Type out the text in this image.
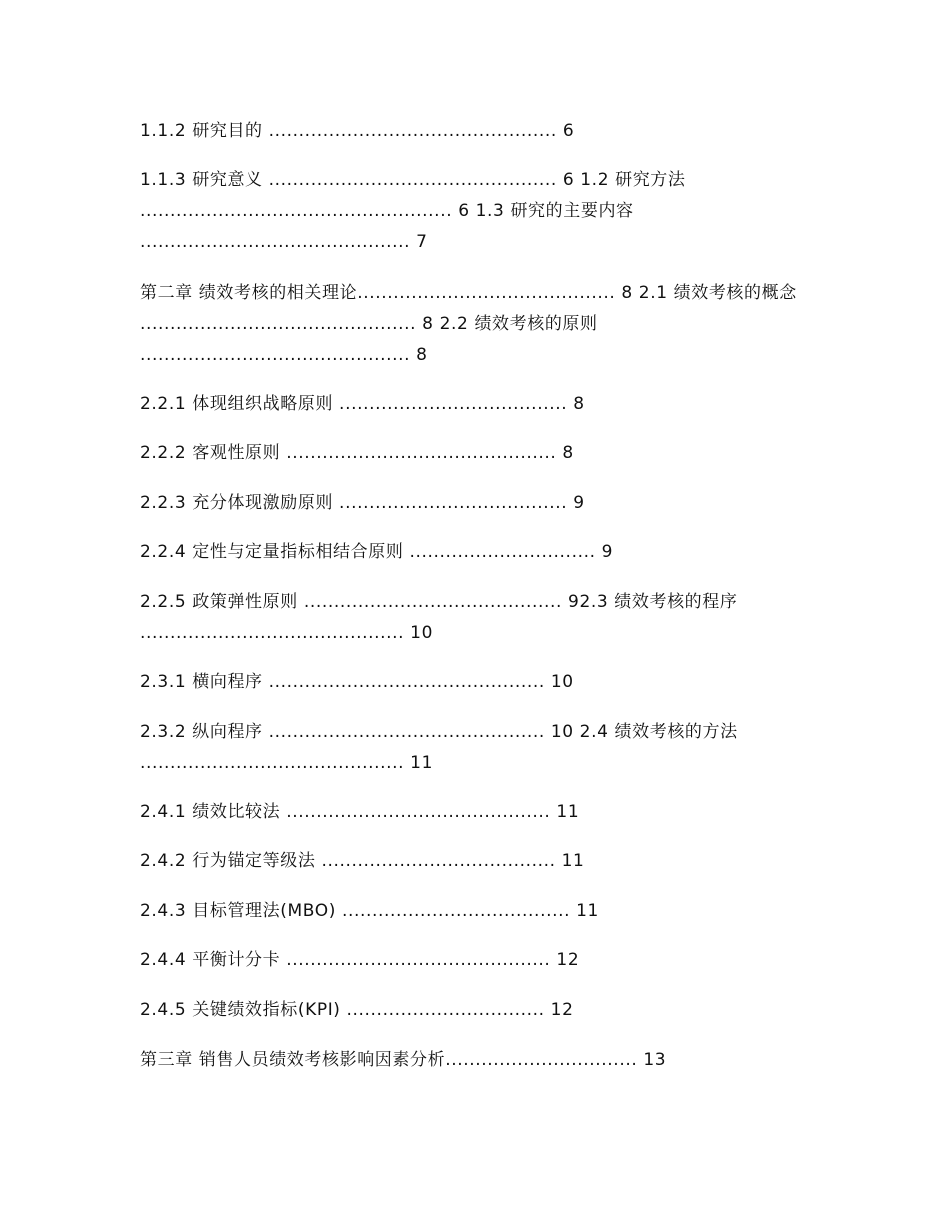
1.1.2 研究目的 ................................................ 6

1.1.3 研究意义 ................................................ 6 1.2 研究方法 .................................................... 6 1.3 研究的主要内容 ............................................. 7

第二章 绩效考核的相关理论........................................... 8 2.1 绩效考核的概念 .............................................. 8 2.2 绩效考核的原则 ............................................. 8

2.2.1 体现组织战略原则 ...................................... 8

2.2.2 客观性原则 ............................................. 8

2.2.3 充分体现激励原则 ...................................... 9

2.2.4 定性与定量指标相结合原则 ............................... 9

2.2.5 政策弹性原则 ........................................... 92.3 绩效考核的程序 ............................................ 10

2.3.1 横向程序 .............................................. 10

2.3.2 纵向程序 .............................................. 10 2.4 绩效考核的方法 ............................................ 11

2.4.1 绩效比较法 ............................................ 11

2.4.2 行为锚定等级法 ....................................... 11

2.4.3 目标管理法(MBO) ...................................... 11

2.4.4 平衡计分卡 ............................................ 12

2.4.5 关键绩效指标(KPI) ................................. 12

第三章 销售人员绩效考核影响因素分析................................ 13
